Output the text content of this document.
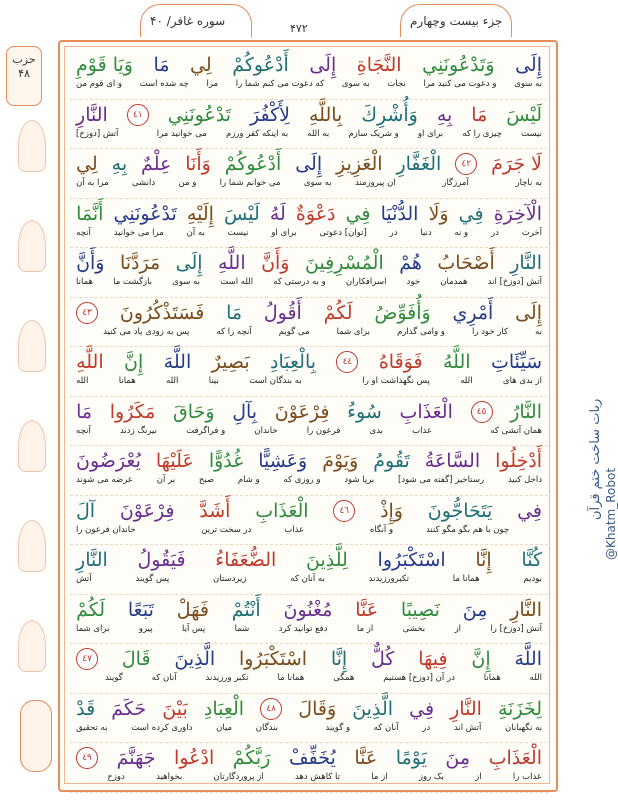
سوره غافر/ ۴۰
۴۷۲
جزء بیست وچهارم
حزب
۴۸	إِلَى
وَتَدْعُونَنِي
النَّجَاةِ
إِلَى
أَدْعُوكُمْ
لِي
مَا
وَيَا قَوْمِ
به سوی
و دعوت می کنید مرا
نجات
به سوی
که دعوت می کنم شما را
مرا
چه شده است
و ای قوم من
لَيْسَ
مَا
بِهِ
وَأُشْرِكَ
بِاللَّهِ
لِأَكْفُرَ
تَدْعُونَنِي
٤١
النَّارِ
نیست
چیزی را که
برای او
و شریک سازم
به الله
به اینکه کفر ورزم
می خوانید مرا
آتش [دوزخ]
لَا جَرَمَ
٤٢
الْغَفَّارِ
الْعَزِيزِ
إِلَى
أَدْعُوكُمْ
وَأَنَا
عِلْمٌ
بِهِ
لِي
به ناچار
آمرزگار
ان پیروزمند
به سوی
می خوانم شما را
و من
دانشی
مرا به آن
الْآخِرَةِ
فِي
وَلَا
الدُّنْيَا
فِي
دَعْوَةٌ
لَهُ
لَيْسَ
إِلَيْهِ
تَدْعُونَنِي
أَنَّمَا
آخرت
در
و نه
دنیا
در
[توان] دعوتی
برای او
نیست
به آن
مرا می خوانید
آنچه
النَّارِ
أَصْحَابُ
هُمْ
الْمُسْرِفِينَ
وَأَنَّ
اللَّهِ
إِلَى
مَرَدَّنَا
وَأَنَّ
آتش [دوزخ] اند
همدمان
خود
اسرافکاران
و به درستی که
الله است
به سوی
بازگشت ما
همانا
إِلَى
أَمْرِي
وَأُفَوِّضُ
لَكُمْ
أَقُولُ
مَا
فَسَتَذْكُرُونَ
٤٣
به
کار خود را
و وامی گذارم
برای شما
می گویم
آنچه را که
پس به زودی یاد می کنید
سَيِّئَاتِ
اللَّهُ
فَوَقَاهُ
٤٤
بِالْعِبَادِ
بَصِيرٌ
اللَّهَ
إِنَّ
اللَّهِ
از بدی های
الله
پس نگهداشت او را
به بندگان است
بینا
الله
همانا
الله
النَّارُ
٤٥
الْعَذَابِ
سُوءُ
فِرْعَوْنَ
بِآلِ
وَحَاقَ
مَكَرُوا
مَا
همان آتشی که
عذاب
بدی
فرعون را
خاندان
و فراگرفت
نیرنگ زدند
آنچه
أَدْخِلُوا
السَّاعَةُ
تَقُومُ
وَيَوْمَ
وَعَشِيًّا
غُدُوًّا
عَلَيْهَا
يُعْرَضُونَ
داخل کنید
رستاخیز [گفته می شود]
برپا شود
و روزی که
و شام
صبح
بر آن
عرضه می شوند
فِي
يَتَحَاجُّونَ
وَإِذْ
٤٦
الْعَذَابِ
أَشَدَّ
فِرْعَوْنَ
آلَ
چون با هم بگو مگو کنند
و آنگاه
عذاب
در سخت ترین
خاندان فرعون را
كُنَّا
إِنَّا
اسْتَكْبَرُوا
لِلَّذِينَ
الضُّعَفَاءُ
فَيَقُولُ
النَّارِ
بودیم
همانا ما
تکبرورزیدند
به آنان که
زیردستان
پس گویند
آتش
النَّارِ
مِنَ
نَصِيبًا
عَنَّا
مُغْنُونَ
أَنْتُمْ
فَهَلْ
تَبَعًا
لَكُمْ
آتش [دوزخ] را
از
بخشی
از ما
دفع توانید کرد
شما
پس آیا
پیرو
برای شما
اللَّهَ
إِنَّ
فِيهَا
كُلٌّ
إِنَّا
اسْتَكْبَرُوا
الَّذِينَ
قَالَ
٤٧
الله
همانا
در آن [دوزخ] هستیم
همگی
همانا ما
تکبر ورزیدند
آنان که
گویند
لِخَزَنَةِ
النَّارِ
فِي
الَّذِينَ
وَقَالَ
٤٨
الْعِبَادِ
بَيْنَ
حَكَمَ
قَدْ
به نگهبانان
آتش اند
در
آنان که
و گویند
بندگان
میان
داوری کرده است
به تحقیق
الْعَذَابِ
مِنَ
يَوْمًا
عَنَّا
يُخَفِّفْ
رَبَّكُمْ
ادْعُوا
جَهَنَّمَ
٤٩
عذاب را
از
یک روز
از ما
تا کاهش دهد
از پروردگارتان
بخواهید
دوزخ
ربات ساخت ختم قرآن @Khatm_Robot
